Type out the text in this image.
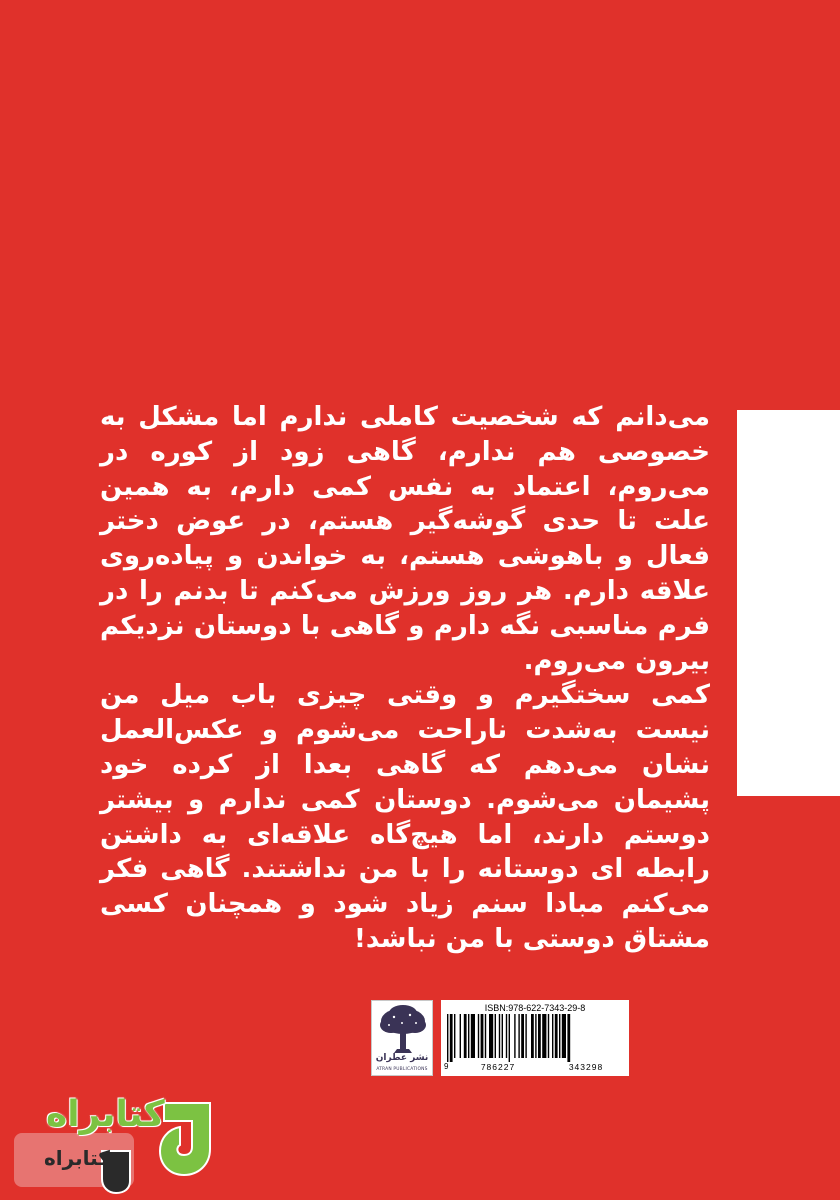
می‌دانم که شخصیت کاملی ندارم اما مشکل به خصوصی هم ندارم، گاهی زود از کوره در می‌روم، اعتماد به نفس کمی دارم، به همین علت تا حدی گوشه‌گیر هستم، در عوض دختر فعال و باهوشی هستم، به خواندن و پیاده‌روی علاقه دارم. هر روز ورزش می‌کنم تا بدنم را در فرم مناسبی نگه دارم و گاهی با دوستان نزدیکم بیرون می‌روم.

کمی سختگیرم و وقتی چیزی باب میل من نیست به‌شدت ناراحت می‌شوم و عکس‌العمل نشان می‌دهم که گاهی بعدا از کرده خود پشیمان می‌شوم. دوستان کمی ندارم و بیشتر دوستم دارند، اما هیچ‌گاه علاقه‌ای به داشتن رابطه ای دوستانه را با من نداشتند. گاهی فکر می‌کنم مبادا سنم زیاد شود و همچنان کسی مشتاق دوستی با من نباشد!

نشر عطران
ATRAN PUBLICATIONS
ISBN:978-622-7343-29-8
9	786227	343298
کتابراه
کتابراه
